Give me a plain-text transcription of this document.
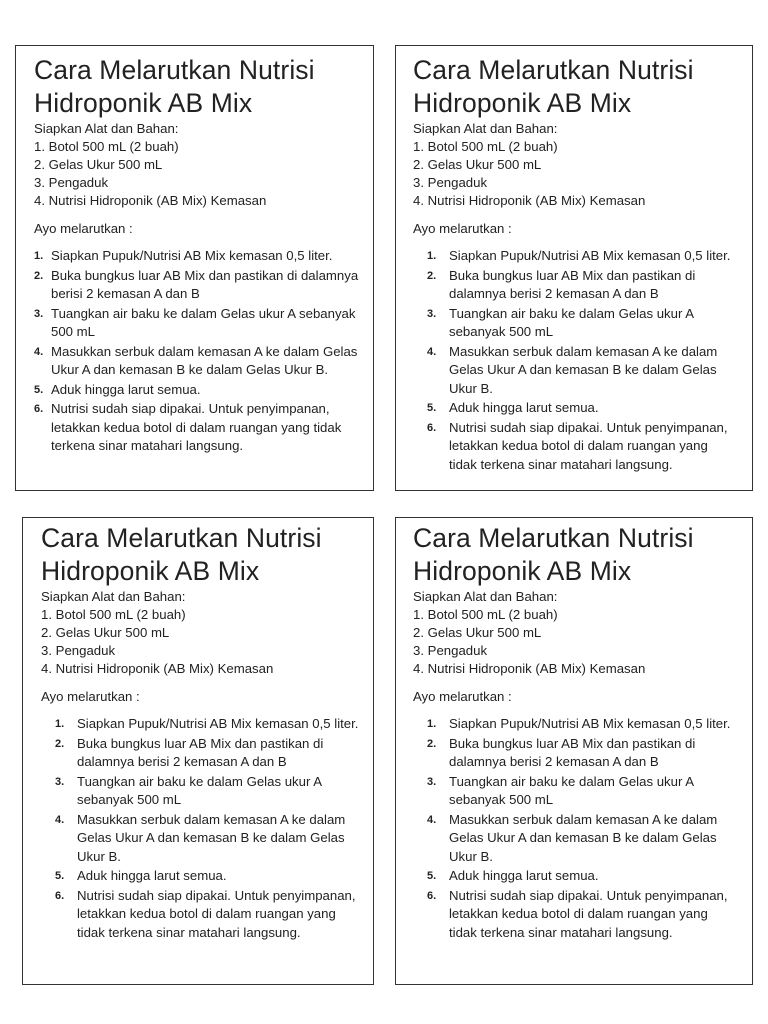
Cara Melarutkan Nutrisi
Hidroponik AB Mix
Siapkan Alat dan Bahan:
1. Botol 500 mL (2 buah)
2. Gelas Ukur 500 mL
3. Pengaduk
4. Nutrisi Hidroponik (AB Mix) Kemasan
Ayo melarutkan :
1. Siapkan Pupuk/Nutrisi AB Mix kemasan 0,5 liter.
2. Buka bungkus luar AB Mix dan pastikan di dalamnya berisi 2 kemasan A dan B
3. Tuangkan air baku ke dalam Gelas ukur A sebanyak 500 mL
4. Masukkan serbuk dalam kemasan A ke dalam Gelas Ukur A dan kemasan B ke dalam Gelas Ukur B.
5. Aduk hingga larut semua.
6. Nutrisi sudah siap dipakai. Untuk penyimpanan, letakkan kedua botol di dalam ruangan yang tidak terkena sinar matahari langsung.
Cara Melarutkan Nutrisi
Hidroponik AB Mix
Siapkan Alat dan Bahan:
1. Botol 500 mL (2 buah)
2. Gelas Ukur 500 mL
3. Pengaduk
4. Nutrisi Hidroponik (AB Mix) Kemasan
Ayo melarutkan :
1. Siapkan Pupuk/Nutrisi AB Mix kemasan 0,5 liter.
2. Buka bungkus luar AB Mix dan pastikan di dalamnya berisi 2 kemasan A dan B
3. Tuangkan air baku ke dalam Gelas ukur A sebanyak 500 mL
4. Masukkan serbuk dalam kemasan A ke dalam Gelas Ukur A dan kemasan B ke dalam Gelas Ukur B.
5. Aduk hingga larut semua.
6. Nutrisi sudah siap dipakai. Untuk penyimpanan, letakkan kedua botol di dalam ruangan yang tidak terkena sinar matahari langsung.
Cara Melarutkan Nutrisi
Hidroponik AB Mix
Siapkan Alat dan Bahan:
1. Botol 500 mL (2 buah)
2. Gelas Ukur 500 mL
3. Pengaduk
4. Nutrisi Hidroponik (AB Mix) Kemasan
Ayo melarutkan :
1. Siapkan Pupuk/Nutrisi AB Mix kemasan 0,5 liter.
2. Buka bungkus luar AB Mix dan pastikan di dalamnya berisi 2 kemasan A dan B
3. Tuangkan air baku ke dalam Gelas ukur A sebanyak 500 mL
4. Masukkan serbuk dalam kemasan A ke dalam Gelas Ukur A dan kemasan B ke dalam Gelas Ukur B.
5. Aduk hingga larut semua.
6. Nutrisi sudah siap dipakai. Untuk penyimpanan, letakkan kedua botol di dalam ruangan yang tidak terkena sinar matahari langsung.
Cara Melarutkan Nutrisi
Hidroponik AB Mix
Siapkan Alat dan Bahan:
1. Botol 500 mL (2 buah)
2. Gelas Ukur 500 mL
3. Pengaduk
4. Nutrisi Hidroponik (AB Mix) Kemasan
Ayo melarutkan :
1. Siapkan Pupuk/Nutrisi AB Mix kemasan 0,5 liter.
2. Buka bungkus luar AB Mix dan pastikan di dalamnya berisi 2 kemasan A dan B
3. Tuangkan air baku ke dalam Gelas ukur A sebanyak 500 mL
4. Masukkan serbuk dalam kemasan A ke dalam Gelas Ukur A dan kemasan B ke dalam Gelas Ukur B.
5. Aduk hingga larut semua.
6. Nutrisi sudah siap dipakai. Untuk penyimpanan, letakkan kedua botol di dalam ruangan yang tidak terkena sinar matahari langsung.
